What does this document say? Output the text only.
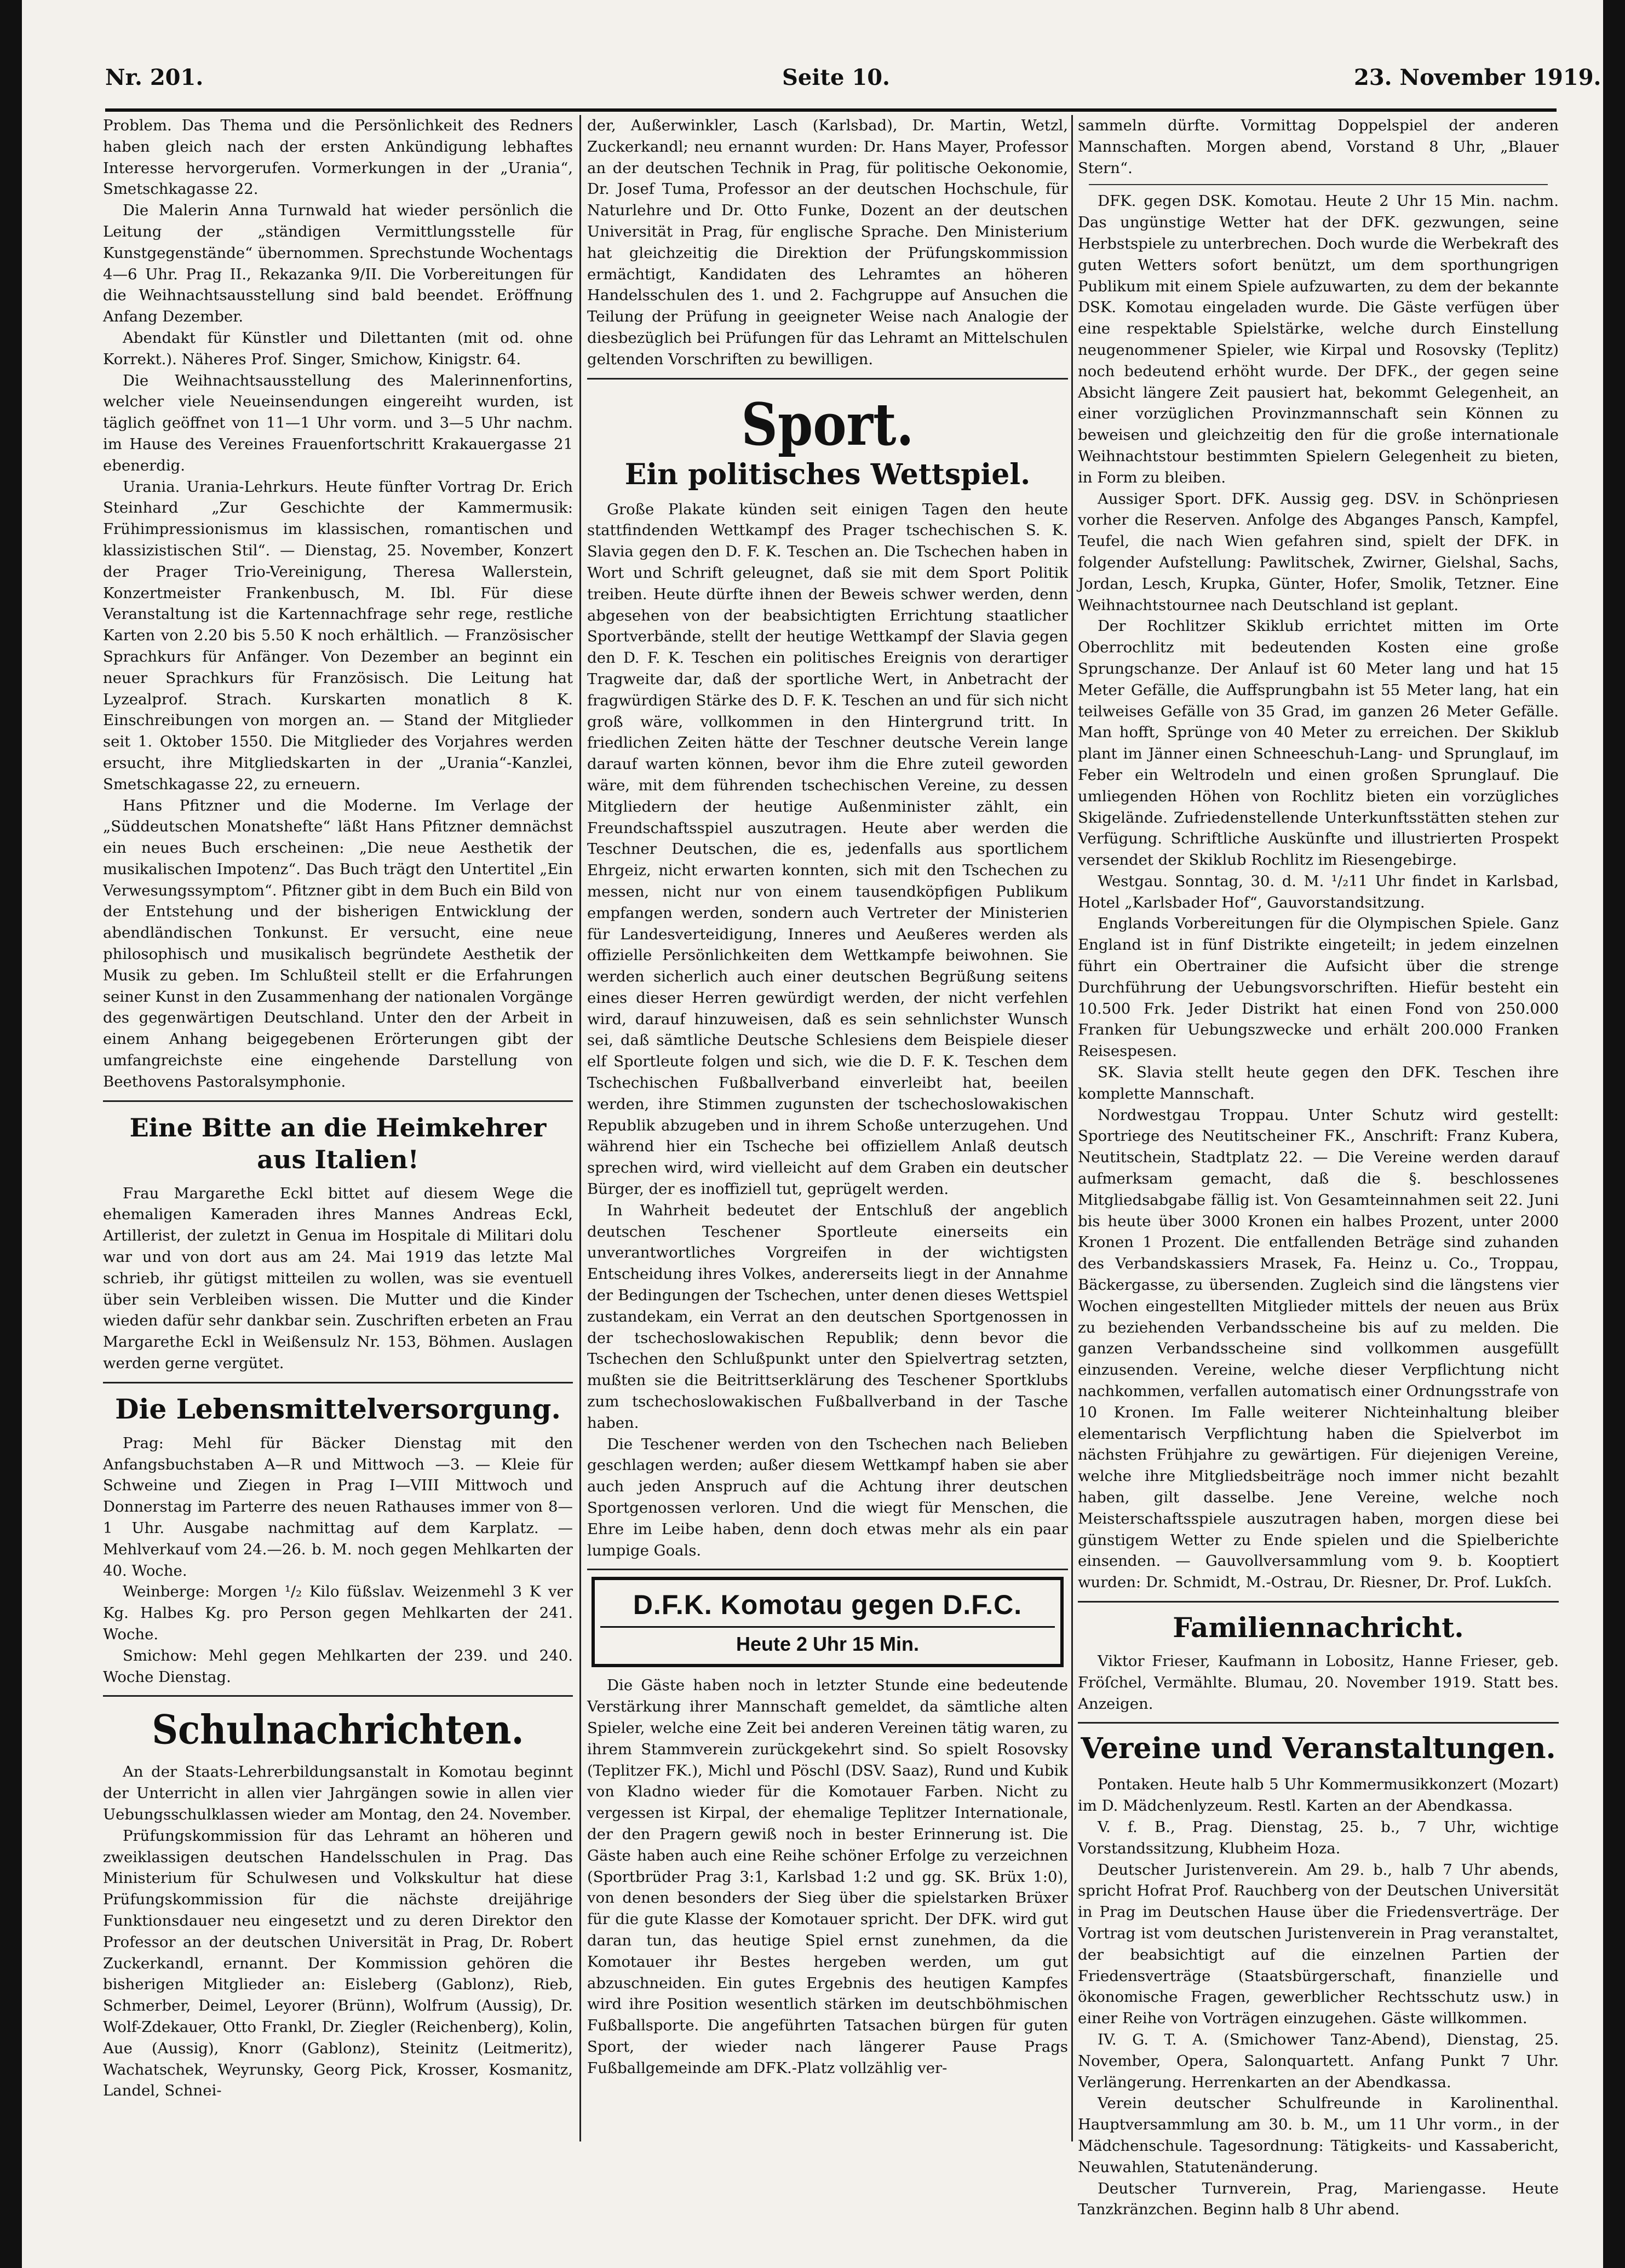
Nr. 201.	Seite 10.	23. November 1919.

Problem. Das Thema und die Persönlichkeit des Redners haben gleich nach der ersten Ankündigung lebhaftes Interesse hervorgerufen. Vormerkungen in der „Urania“, Smetschkagasse 22.

Die Malerin Anna Turnwald hat wieder persönlich die Leitung der „ständigen Vermittlungsstelle für Kunstgegenstände“ übernommen. Sprechstunde Wochentags 4—6 Uhr. Prag II., Rekazanka 9/II. Die Vorbereitungen für die Weihnachtsausstellung sind bald beendet. Eröffnung Anfang Dezember.

Abendakt für Künstler und Dilettanten (mit od. ohne Korrekt.). Näheres Prof. Singer, Smichow, Kinigstr. 64.

Die Weihnachtsausstellung des Malerinnenfortins, welcher viele Neueinsendungen eingereiht wurden, ist täglich geöffnet von 11—1 Uhr vorm. und 3—5 Uhr nachm. im Hause des Vereines Frauenfortschritt Krakauergasse 21 ebenerdig.

Urania. Urania-Lehrkurs. Heute fünfter Vortrag Dr. Erich Steinhard „Zur Geschichte der Kammermusik: Frühimpressionismus im klassischen, romantischen und klassizistischen Stil“. — Dienstag, 25. November, Konzert der Prager Trio-Vereinigung, Theresa Wallerstein, Konzertmeister Frankenbusch, M. Ibl. Für diese Veranstaltung ist die Kartennachfrage sehr rege, restliche Karten von 2.20 bis 5.50 K noch erhältlich. — Französischer Sprachkurs für Anfänger. Von Dezember an beginnt ein neuer Sprachkurs für Französisch. Die Leitung hat Lyzealprof. Strach. Kurskarten monatlich 8 K. Einschreibungen von morgen an. — Stand der Mitglieder seit 1. Oktober 1550. Die Mitglieder des Vorjahres werden ersucht, ihre Mitgliedskarten in der „Urania“-Kanzlei, Smetschkagasse 22, zu erneuern.

Hans Pfitzner und die Moderne. Im Verlage der „Süddeutschen Monatshefte“ läßt Hans Pfitzner demnächst ein neues Buch erscheinen: „Die neue Aesthetik der musikalischen Impotenz“. Das Buch trägt den Untertitel „Ein Verwesungssymptom“. Pfitzner gibt in dem Buch ein Bild von der Entstehung und der bisherigen Entwicklung der abendländischen Tonkunst. Er versucht, eine neue philosophisch und musikalisch begründete Aesthetik der Musik zu geben. Im Schlußteil stellt er die Erfahrungen seiner Kunst in den Zusammenhang der nationalen Vorgänge des gegenwärtigen Deutschland. Unter den der Arbeit in einem Anhang beigegebenen Erörterungen gibt der umfangreichste eine eingehende Darstellung von Beethovens Pastoralsymphonie.

Eine Bitte an die Heimkehrer aus Italien!

Frau Margarethe Eckl bittet auf diesem Wege die ehemaligen Kameraden ihres Mannes Andreas Eckl, Artillerist, der zuletzt in Genua im Hospitale di Militari dolu war und von dort aus am 24. Mai 1919 das letzte Mal schrieb, ihr gütigst mitteilen zu wollen, was sie eventuell über sein Verbleiben wissen. Die Mutter und die Kinder wieden dafür sehr dankbar sein. Zuschriften erbeten an Frau Margarethe Eckl in Weißensulz Nr. 153, Böhmen. Auslagen werden gerne vergütet.

Die Lebensmittelversorgung.

Prag: Mehl für Bäcker Dienstag mit den Anfangsbuchstaben A—R und Mittwoch —3. — Kleie für Schweine und Ziegen in Prag I—VIII Mittwoch und Donnerstag im Parterre des neuen Rathauses immer von 8—1 Uhr. Ausgabe nachmittag auf dem Karplatz. — Mehlverkauf vom 24.—26. b. M. noch gegen Mehlkarten der 40. Woche.

Weinberge: Morgen ¹/₂ Kilo füßslav. Weizenmehl 3 K ver Kg. Halbes Kg. pro Person gegen Mehlkarten der 241. Woche.

Smichow: Mehl gegen Mehlkarten der 239. und 240. Woche Dienstag.

Schulnachrichten.

An der Staats-Lehrerbildungsanstalt in Komotau beginnt der Unterricht in allen vier Jahrgängen sowie in allen vier Uebungsschulklassen wieder am Montag, den 24. November.

Prüfungskommission für das Lehramt an höheren und zweiklassigen deutschen Handelsschulen in Prag. Das Ministerium für Schulwesen und Volkskultur hat diese Prüfungskommission für die nächste dreijährige Funktionsdauer neu eingesetzt und zu deren Direktor den Professor an der deutschen Universität in Prag, Dr. Robert Zuckerkandl, ernannt. Der Kommission gehören die bisherigen Mitglieder an: Eisleberg (Gablonz), Rieb, Schmerber, Deimel, Leyorer (Brünn), Wolfrum (Aussig), Dr. Wolf-Zdekauer, Otto Frankl, Dr. Ziegler (Reichenberg), Kolin, Aue (Aussig), Knorr (Gablonz), Steinitz (Leitmeritz), Wachatschek, Weyrunsky, Georg Pick, Krosser, Kosmanitz, Landel, Schnei-

der, Außerwinkler, Lasch (Karlsbad), Dr. Martin, Wetzl, Zuckerkandl; neu ernannt wurden: Dr. Hans Mayer, Professor an der deutschen Technik in Prag, für politische Oekonomie, Dr. Josef Tuma, Professor an der deutschen Hochschule, für Naturlehre und Dr. Otto Funke, Dozent an der deutschen Universität in Prag, für englische Sprache. Den Ministerium hat gleichzeitig die Direktion der Prüfungskommission ermächtigt, Kandidaten des Lehramtes an höheren Handelsschulen des 1. und 2. Fachgruppe auf Ansuchen die Teilung der Prüfung in geeigneter Weise nach Analogie der diesbezüglich bei Prüfungen für das Lehramt an Mittelschulen geltenden Vorschriften zu bewilligen.

Sport.
Ein politisches Wettspiel.

Große Plakate künden seit einigen Tagen den heute stattfindenden Wettkampf des Prager tschechischen S. K. Slavia gegen den D. F. K. Teschen an. Die Tschechen haben in Wort und Schrift geleugnet, daß sie mit dem Sport Politik treiben. Heute dürfte ihnen der Beweis schwer werden, denn abgesehen von der beabsichtigten Errichtung staatlicher Sportverbände, stellt der heutige Wettkampf der Slavia gegen den D. F. K. Teschen ein politisches Ereignis von derartiger Tragweite dar, daß der sportliche Wert, in Anbetracht der fragwürdigen Stärke des D. F. K. Teschen an und für sich nicht groß wäre, vollkommen in den Hintergrund tritt. In friedlichen Zeiten hätte der Teschner deutsche Verein lange darauf warten können, bevor ihm die Ehre zuteil geworden wäre, mit dem führenden tschechischen Vereine, zu dessen Mitgliedern der heutige Außenminister zählt, ein Freundschaftsspiel auszutragen. Heute aber werden die Teschner Deutschen, die es, jedenfalls aus sportlichem Ehrgeiz, nicht erwarten konnten, sich mit den Tschechen zu messen, nicht nur von einem tausendköpfigen Publikum empfangen werden, sondern auch Vertreter der Ministerien für Landesverteidigung, Inneres und Aeußeres werden als offizielle Persönlichkeiten dem Wettkampfe beiwohnen. Sie werden sicherlich auch einer deutschen Begrüßung seitens eines dieser Herren gewürdigt werden, der nicht verfehlen wird, darauf hinzuweisen, daß es sein sehnlichster Wunsch sei, daß sämtliche Deutsche Schlesiens dem Beispiele dieser elf Sportleute folgen und sich, wie die D. F. K. Teschen dem Tschechischen Fußballverband einverleibt hat, beeilen werden, ihre Stimmen zugunsten der tschechoslowakischen Republik abzugeben und in ihrem Schoße unterzugehen. Und während hier ein Tscheche bei offiziellem Anlaß deutsch sprechen wird, wird vielleicht auf dem Graben ein deutscher Bürger, der es inoffiziell tut, geprügelt werden.

In Wahrheit bedeutet der Entschluß der angeblich deutschen Teschener Sportleute einerseits ein unverantwortliches Vorgreifen in der wichtigsten Entscheidung ihres Volkes, andererseits liegt in der Annahme der Bedingungen der Tschechen, unter denen dieses Wettspiel zustandekam, ein Verrat an den deutschen Sportgenossen in der tschechoslowakischen Republik; denn bevor die Tschechen den Schlußpunkt unter den Spielvertrag setzten, mußten sie die Beitrittserklärung des Teschener Sportklubs zum tschechoslowakischen Fußballverband in der Tasche haben.

Die Teschener werden von den Tschechen nach Belieben geschlagen werden; außer diesem Wettkampf haben sie aber auch jeden Anspruch auf die Achtung ihrer deutschen Sportgenossen verloren. Und die wiegt für Menschen, die Ehre im Leibe haben, denn doch etwas mehr als ein paar lumpige Goals.

D.F.K. Komotau gegen D.F.C.
Heute 2 Uhr 15 Min.

Die Gäste haben noch in letzter Stunde eine bedeutende Verstärkung ihrer Mannschaft gemeldet, da sämtliche alten Spieler, welche eine Zeit bei anderen Vereinen tätig waren, zu ihrem Stammverein zurückgekehrt sind. So spielt Rosovsky (Teplitzer FK.), Michl und Pöschl (DSV. Saaz), Rund und Kubik von Kladno wieder für die Komotauer Farben. Nicht zu vergessen ist Kirpal, der ehemalige Teplitzer Internationale, der den Pragern gewiß noch in bester Erinnerung ist. Die Gäste haben auch eine Reihe schöner Erfolge zu verzeichnen (Sportbrüder Prag 3:1, Karlsbad 1:2 und gg. SK. Brüx 1:0), von denen besonders der Sieg über die spielstarken Brüxer für die gute Klasse der Komotauer spricht. Der DFK. wird gut daran tun, das heutige Spiel ernst zunehmen, da die Komotauer ihr Bestes hergeben werden, um gut abzuschneiden. Ein gutes Ergebnis des heutigen Kampfes wird ihre Position wesentlich stärken im deutschböhmischen Fußballsporte. Die angeführten Tatsachen bürgen für guten Sport, der wieder nach längerer Pause Prags Fußballgemeinde am DFK.-Platz vollzählig ver-

sammeln dürfte. Vormittag Doppelspiel der anderen Mannschaften. Morgen abend, Vorstand 8 Uhr, „Blauer Stern“.

DFK. gegen DSK. Komotau. Heute 2 Uhr 15 Min. nachm. Das ungünstige Wetter hat der DFK. gezwungen, seine Herbstspiele zu unterbrechen. Doch wurde die Werbekraft des guten Wetters sofort benützt, um dem sporthungrigen Publikum mit einem Spiele aufzuwarten, zu dem der bekannte DSK. Komotau eingeladen wurde. Die Gäste verfügen über eine respektable Spielstärke, welche durch Einstellung neugenommener Spieler, wie Kirpal und Rosovsky (Teplitz) noch bedeutend erhöht wurde. Der DFK., der gegen seine Absicht längere Zeit pausiert hat, bekommt Gelegenheit, an einer vorzüglichen Provinzmannschaft sein Können zu beweisen und gleichzeitig den für die große internationale Weihnachtstour bestimmten Spielern Gelegenheit zu bieten, in Form zu bleiben.

Aussiger Sport. DFK. Aussig geg. DSV. in Schönpriesen vorher die Reserven. Anfolge des Abganges Pansch, Kampfel, Teufel, die nach Wien gefahren sind, spielt der DFK. in folgender Aufstellung: Pawlitschek, Zwirner, Gielshal, Sachs, Jordan, Lesch, Krupka, Günter, Hofer, Smolik, Tetzner. Eine Weihnachtstournee nach Deutschland ist geplant.

Der Rochlitzer Skiklub errichtet mitten im Orte Oberrochlitz mit bedeutenden Kosten eine große Sprungschanze. Der Anlauf ist 60 Meter lang und hat 15 Meter Gefälle, die Auffsprungbahn ist 55 Meter lang, hat ein teilweises Gefälle von 35 Grad, im ganzen 26 Meter Gefälle. Man hofft, Sprünge von 40 Meter zu erreichen. Der Skiklub plant im Jänner einen Schneeschuh-Lang- und Sprunglauf, im Feber ein Weltrodeln und einen großen Sprunglauf. Die umliegenden Höhen von Rochlitz bieten ein vorzügliches Skigelände. Zufriedenstellende Unterkunftsstätten stehen zur Verfügung. Schriftliche Auskünfte und illustrierten Prospekt versendet der Skiklub Rochlitz im Riesengebirge.

Westgau. Sonntag, 30. d. M. ¹/₂11 Uhr findet in Karlsbad, Hotel „Karlsbader Hof“, Gauvorstandsitzung.

Englands Vorbereitungen für die Olympischen Spiele. Ganz England ist in fünf Distrikte eingeteilt; in jedem einzelnen führt ein Obertrainer die Aufsicht über die strenge Durchführung der Uebungsvorschriften. Hiefür besteht ein 10.500 Frk. Jeder Distrikt hat einen Fond von 250.000 Franken für Uebungszwecke und erhält 200.000 Franken Reisespesen.

SK. Slavia stellt heute gegen den DFK. Teschen ihre komplette Mannschaft.

Nordwestgau Troppau. Unter Schutz wird gestellt: Sportriege des Neutitscheiner FK., Anschrift: Franz Kubera, Neutitschein, Stadtplatz 22. — Die Vereine werden darauf aufmerksam gemacht, daß die §. beschlossenes Mitgliedsabgabe fällig ist. Von Gesamteinnahmen seit 22. Juni bis heute über 3000 Kronen ein halbes Prozent, unter 2000 Kronen 1 Prozent. Die entfallenden Beträge sind zuhanden des Verbandskassiers Mrasek, Fa. Heinz u. Co., Troppau, Bäckergasse, zu übersenden. Zugleich sind die längstens vier Wochen eingestellten Mitglieder mittels der neuen aus Brüx zu beziehenden Verbandsscheine bis auf zu melden. Die ganzen Verbandsscheine sind vollkommen ausgefüllt einzusenden. Vereine, welche dieser Verpflichtung nicht nachkommen, verfallen automatisch einer Ordnungsstrafe von 10 Kronen. Im Falle weiterer Nichteinhaltung bleiber elementarisch Verpflichtung haben die Spielverbot im nächsten Frühjahre zu gewärtigen. Für diejenigen Vereine, welche ihre Mitgliedsbeiträge noch immer nicht bezahlt haben, gilt dasselbe. Jene Vereine, welche noch Meisterschaftsspiele auszutragen haben, morgen diese bei günstigem Wetter zu Ende spielen und die Spielberichte einsenden. — Gauvollversammlung vom 9. b. Kooptiert wurden: Dr. Schmidt, M.-Ostrau, Dr. Riesner, Dr. Prof. Lukſch.

Familiennachricht.

Viktor Frieser, Kaufmann in Lobositz, Hanne Frieser, geb. Fröſchel, Vermählte. Blumau, 20. November 1919. Statt bes. Anzeigen.

Vereine und Veranstaltungen.

Pontaken. Heute halb 5 Uhr Kommermusikkonzert (Mozart) im D. Mädchenlyzeum. Restl. Karten an der Abendkassa.

V. f. B., Prag. Dienstag, 25. b., 7 Uhr, wichtige Vorstandssitzung, Klubheim Hoza.

Deutscher Juristenverein. Am 29. b., halb 7 Uhr abends, spricht Hofrat Prof. Rauchberg von der Deutschen Universität in Prag im Deutschen Hause über die Friedensverträge. Der Vortrag ist vom deutschen Juristenverein in Prag veranstaltet, der beabsichtigt auf die einzelnen Partien der Friedensverträge (Staatsbürgerschaft, finanzielle und ökonomische Fragen, gewerblicher Rechtsschutz usw.) in einer Reihe von Vorträgen einzugehen. Gäste willkommen.

IV. G. T. A. (Smichower Tanz-Abend), Dienstag, 25. November, Opera, Salonquartett. Anfang Punkt 7 Uhr. Verlängerung. Herrenkarten an der Abendkassa.

Verein deutscher Schulfreunde in Karolinenthal. Hauptversammlung am 30. b. M., um 11 Uhr vorm., in der Mädchenschule. Tagesordnung: Tätigkeits- und Kassabericht, Neuwahlen, Statutenänderung.

Deutscher Turnverein, Prag, Mariengasse. Heute Tanzkränzchen. Beginn halb 8 Uhr abend.
